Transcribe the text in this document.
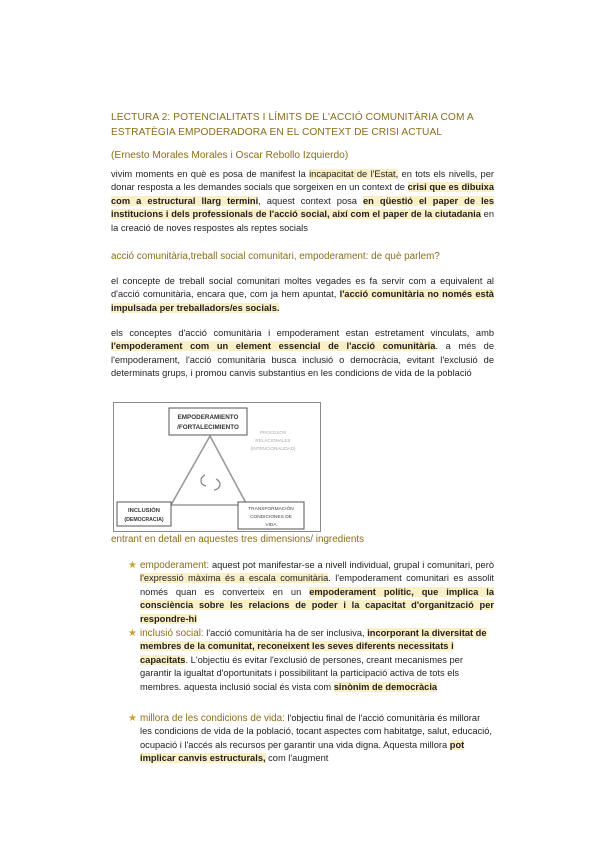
LECTURA 2: POTENCIALITATS I LÍMITS DE L'ACCIÓ COMUNITÀRIA COM A ESTRATÈGIA EMPODERADORA EN EL CONTEXT DE CRISI ACTUAL
(Ernesto Morales Morales i Oscar Rebollo Izquierdo)
vivim moments en què es posa de manifest la incapacitat de l'Estat, en tots els nivells, per donar resposta a les demandes socials que sorgeixen en un context de crisi que es dibuixa com a estructural llarg termini, aquest context posa en qüestió el paper de les institucions i dels professionals de l'acció social, així com el paper de la ciutadania en la creació de noves respostes als reptes socials
acció comunitària,treball social comunitari, empoderament: de què parlem?
el concepte de treball social comunitari moltes vegades es fa servir com a equivalent al d'acció comunitària, encara que, com ja hem apuntat, l'acció comunitària no només està impulsada per treballadors/es socials.
els conceptes d'acció comunitària i empoderament estan estretament vinculats, amb l'empoderament com un element essencial de l'acció comunitària. a més de l'empoderament, l'acció comunitària busca inclusió o democràcia, evitant l'exclusió de determinats grups, i promou canvis substantius en les condicions de vida de la població
EMPODERAMIENTO
/FORTALECIMIENTO
PROCESOS
RELACIONALES
(INTENCIONALIDAD)
INCLUSIÓN
(DEMOCRACIA)
TRANSFORMACIÓN
CONDICIONES DE
VIDA
entrant en detall en aquestes tres dimensions/ ingredients
★ empoderament: aquest pot manifestar-se a nivell individual, grupal i comunitari, però l'expressió màxima és a escala comunitària. l'empoderament comunitari es assolit només quan es converteix en un empoderament polític, que implica la consciència sobre les relacions de poder i la capacitat d'organització per respondre-hi
★ inclusió social: l'acció comunitària ha de ser inclusiva, incorporant la diversitat de membres de la comunitat, reconeixent les seves diferents necessitats i capacitats. L'objectiu és evitar l'exclusió de persones, creant mecanismes per garantir la igualtat d'oportunitats i possibilitant la participació activa de tots els membres. aquesta inclusió social és vista com sinònim de democràcia
★ millora de les condicions de vida: l'objectiu final de l'acció comunitària és millorar les condicions de vida de la població, tocant aspectes com habitatge, salut, educació, ocupació i l'accés als recursos per garantir una vida digna. Aquesta millora pot implicar canvis estructurals, com l'augment
